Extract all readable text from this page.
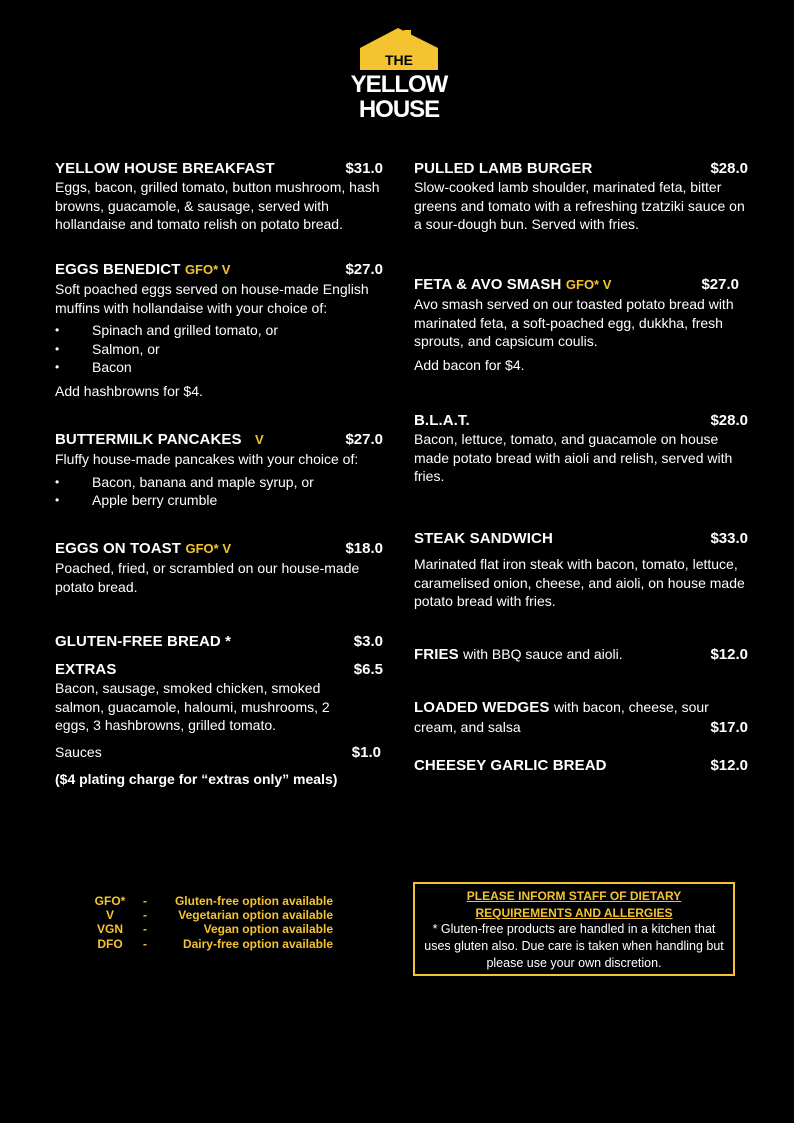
THE
YELLOW
HOUSE
YELLOW HOUSE BREAKFAST	$31.0
Eggs, bacon, grilled tomato, button mushroom, hash browns, guacamole, & sausage, served with hollandaise and tomato relish on potato bread.
EGGS BENEDICT GFO* V	$27.0
Soft poached eggs served on house-made English muffins with hollandaise with your choice of:
• Spinach and grilled tomato, or
• Salmon, or
• Bacon
Add hashbrowns for $4.
BUTTERMILK PANCAKES V	$27.0
Fluffy house-made pancakes with your choice of:
• Bacon, banana and maple syrup, or
• Apple berry crumble
EGGS ON TOAST GFO* V	$18.0
Poached, fried, or scrambled on our house-made potato bread.
GLUTEN-FREE BREAD *	$3.0
EXTRAS	$6.5
Bacon, sausage, smoked chicken, smoked salmon, guacamole, haloumi, mushrooms, 2 eggs, 3 hashbrowns, grilled tomato.
Sauces	$1.0
($4 plating charge for “extras only” meals)
PULLED LAMB BURGER	$28.0
Slow-cooked lamb shoulder, marinated feta, bitter greens and tomato with a refreshing tzatziki sauce on a sour-dough bun. Served with fries.
FETA & AVO SMASH GFO* V	$27.0
Avo smash served on our toasted potato bread with marinated feta, a soft-poached egg, dukkha, fresh sprouts, and capsicum coulis.
Add bacon for $4.
B.L.A.T.	$28.0
Bacon, lettuce, tomato, and guacamole on house made potato bread with aioli and relish, served with fries.
STEAK SANDWICH	$33.0
Marinated flat iron steak with bacon, tomato, lettuce, caramelised onion, cheese, and aioli, on house made potato bread with fries.
FRIES with BBQ sauce and aioli.	$12.0
LOADED WEDGES with bacon, cheese, sour
cream, and salsa	$17.0
CHEESEY GARLIC BREAD	$12.0
GFO*	-	Gluten-free option available
V	-	Vegetarian option available
VGN	-	Vegan option available
DFO	-	Dairy-free option available
PLEASE INFORM STAFF OF DIETARY REQUIREMENTS AND ALLERGIES
* Gluten-free products are handled in a kitchen that uses gluten also. Due care is taken when handling but please use your own discretion.
